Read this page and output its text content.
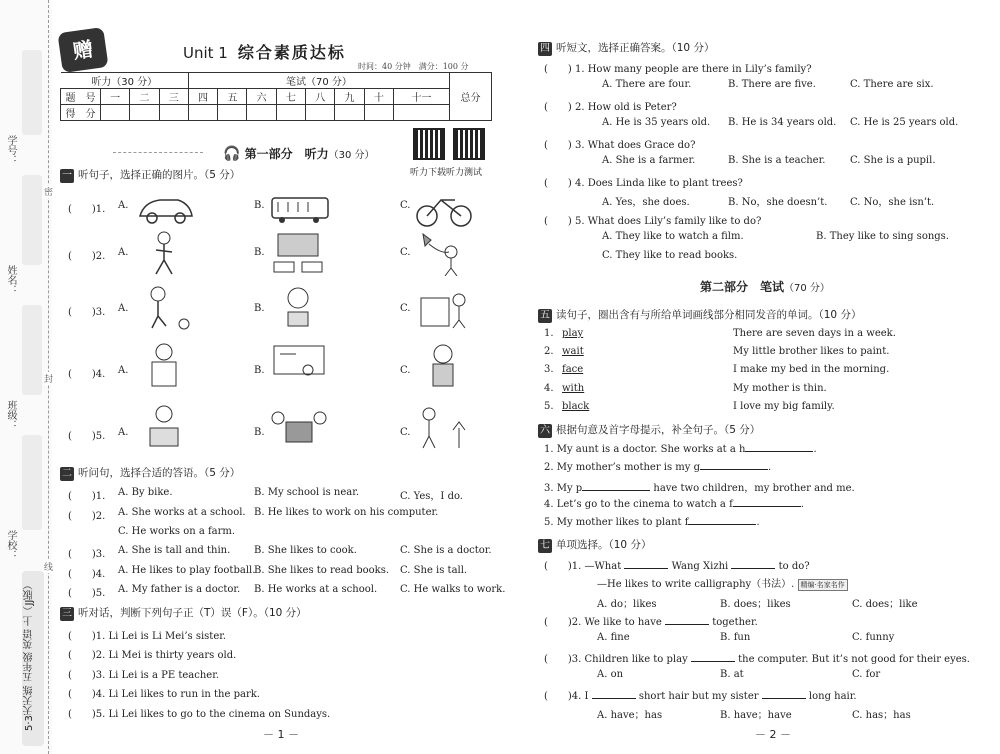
学号：
姓名：
班级：
学校：
密
封
线
5·3天天练 五年级 英语 上（JJ版）
赠	Unit 1 综合素质达标
时间：40 分钟　满分：100 分
听力（30 分）				笔试（70 分）								总分
题　号	一	二	三	四	五	六	七	八	九	十	十一	
得　分												
听力下载听力测试
🎧 第一部分　听力（30 分）
一 听句子，选择正确的图片。（5 分）
(　　)1. A.	B.	C.
(　　)2. A.	B.	C.
(　　)3. A.	B.	C.
(　　)4. A.	B.	C.
(　　)5. A.	B.	C.
二 听问句，选择合适的答语。（5 分）
(　　)1. A. By bike.	B. My school is near.	C. Yes，I do.
(　　)2. A. She works at a school. B. He likes to work on his computer.
C. He works on a farm.
(　　)3. A. She is tall and thin. B. She likes to cook.	C. She is a doctor.
(　　)4. A. He likes to play football.
B. She likes to read books. C. She is tall.
(　　)5. A. My father is a doctor. B. He works at a school. C. He walks to work.
三 听对话，判断下列句子正（T）误（F）。（10 分）
(　　)1. Li Lei is Li Mei’s sister.
(　　)2. Li Mei is thirty years old.
(　　)3. Li Lei is a PE teacher.
(　　)4. Li Lei likes to run in the park.
(　　)5. Li Lei likes to go to the cinema on Sundays.
－ 1 －
四 听短文，选择正确答案。（10 分）
(　　) 1. How many people are there in Lily’s family?
A. There are four.	B. There are five.	C. There are six.
(　　) 2. How old is Peter?
A. He is 35 years old. B. He is 34 years old. C. He is 25 years old.
(　　) 3. What does Grace do?
A. She is a farmer.	B. She is a teacher. C. She is a pupil.
(　　) 4. Does Linda like to plant trees?
A. Yes，she does.	B. No，she doesn’t. C. No，she isn’t.
(　　) 5. What does Lily’s family like to do?
A. They like to watch a film.	B. They like to sing songs.
C. They like to read books.
第二部分　笔试（70 分）
五 读句子，圈出含有与所给单词画线部分相同发音的单词。（10 分）
1. play	There are seven days in a week.
2. wait	My little brother likes to paint.
3. face	I make my bed in the morning.
4. with	My mother is thin.
5. black	I love my big family.
六 根据句意及首字母提示，补全句子。（5 分）
1. My aunt is a doctor. She works at a h	.
2. My mother’s mother is my g	.
3. My p	have two children，my brother and me.
4. Let’s go to the cinema to watch a f	.
5. My mother likes to plant f	.
七 单项选择。（10 分）
(　　)1. —What	Wang Xizhi	to do?
—He likes to write calligraphy（书法）. 精编·名家名作
A. do；likes	B. does；likes	C. does；like
(　　)2. We like to have	together.
A. fine	B. fun	C. funny
(　　)3. Children like to play	the computer. But it’s not good for their eyes.
A. on	B. at	C. for
(　　)4. I	short hair but my sister	long hair.
A. have；has	B. have；have	C. has；has
－ 2 －
